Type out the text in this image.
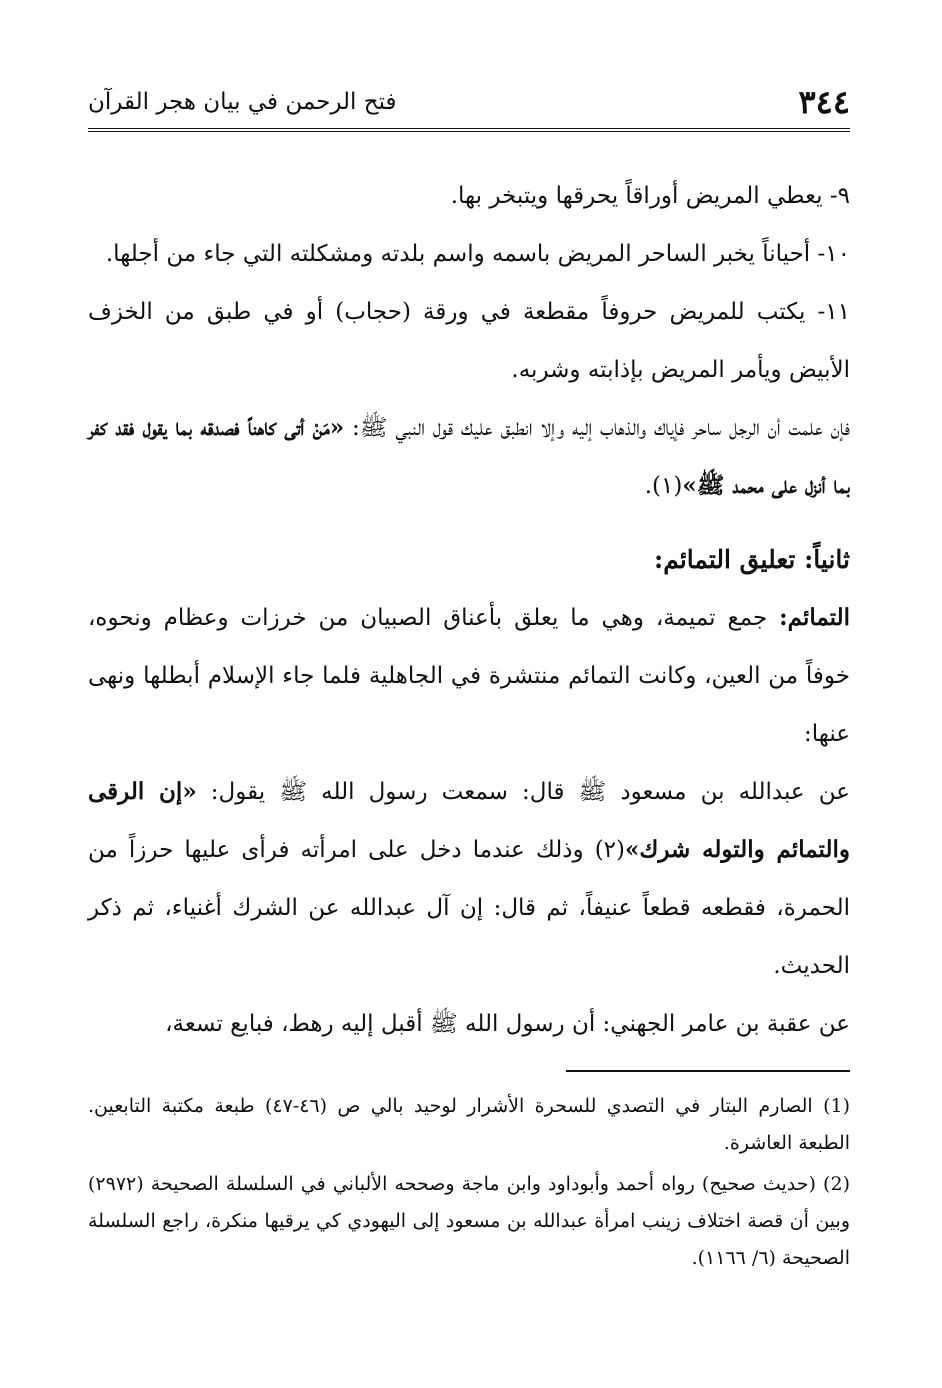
٣٤٤
فتح الرحمن في بيان هجر القرآن

٩- يعطي المريض أوراقاً يحرقها ويتبخر بها.

١٠- أحياناً يخبر الساحر المريض باسمه واسم بلدته ومشكلته التي جاء من أجلها.

١١- يكتب للمريض حروفاً مقطعة في ورقة (حجاب) أو في طبق من الخزف الأبيض ويأمر المريض بإذابته وشربه.

فإن علمت أن الرجل ساحر فإياك والذهاب إليه وإلا انطبق عليك قول النبي ﷺ: «مَنْ أتى كاهناً فصدقه بما يقول فقد كفر بما أنزل على محمد ﷺ»(١).

ثانياً: تعليق التمائم:

التمائم: جمع تميمة، وهي ما يعلق بأعناق الصبيان من خرزات وعظام ونحوه، خوفاً من العين، وكانت التمائم منتشرة في الجاهلية فلما جاء الإسلام أبطلها ونهى عنها:

عن عبدالله بن مسعود ﷺ قال: سمعت رسول الله ﷺ يقول: «إن الرقى والتمائم والتوله شرك»(٢) وذلك عندما دخل على امرأته فرأى عليها حرزاً من الحمرة، فقطعه قطعاً عنيفاً، ثم قال: إن آل عبدالله عن الشرك أغنياء، ثم ذكر الحديث.

عن عقبة بن عامر الجهني: أن رسول الله ﷺ أقبل إليه رهط، فبايع تسعة،

(1) الصارم البتار في التصدي للسحرة الأشرار لوحيد بالي ص (٤٦-٤٧) طبعة مكتبة التابعين. الطبعة العاشرة.

(2) (حديث صحيح) رواه أحمد وأبوداود وابن ماجة وصححه الألباني في السلسلة الصحيحة (٢٩٧٢) وبين أن قصة اختلاف زينب امرأة عبدالله بن مسعود إلى اليهودي كي يرقيها منكرة، راجع السلسلة الصحيحة (٦/ ١١٦٦).
